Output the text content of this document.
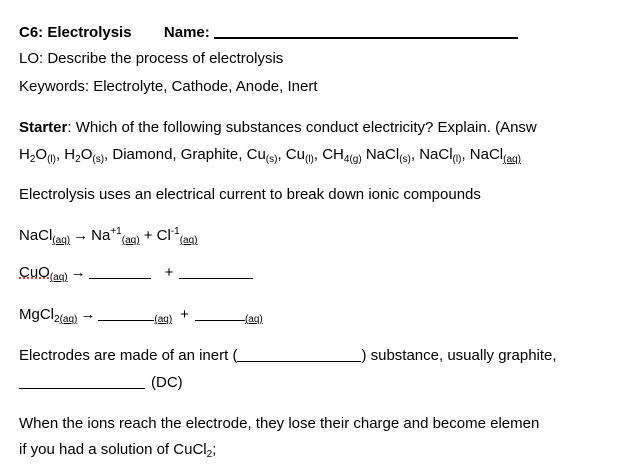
C6: Electrolysis Name:
LO: Describe the process of electrolysis
Keywords: Electrolyte, Cathode, Anode, Inert
Starter: Which of the following substances conduct electricity? Explain. (Answ
$H_2O_{(l)}$, $H_2O_{(s)}$, Diamond, Graphite, $Cu_{(s)}$, $Cu_{(l)}$, $CH_{4(g)}$ NaCl$_{(s)}$, NaCl$_{(l)}$, NaCl$_{(aq)}$
Electrolysis uses an electrical current to break down ionic compounds
NaCl$_{(aq)}$ → $Na^{+1}_{(aq)} + Cl^{-1}_{(aq)}$
CuO$_{(aq)}$ →	+
MgCl$_{2(aq)}$ →	$_{(aq)}$ +	$_{(aq)}$
Electrodes are made of an inert (	) substance, usually graphite,
(DC)
When the ions reach the electrode, they lose their charge and become elemen
if you had a solution of CuCl$_2$;
